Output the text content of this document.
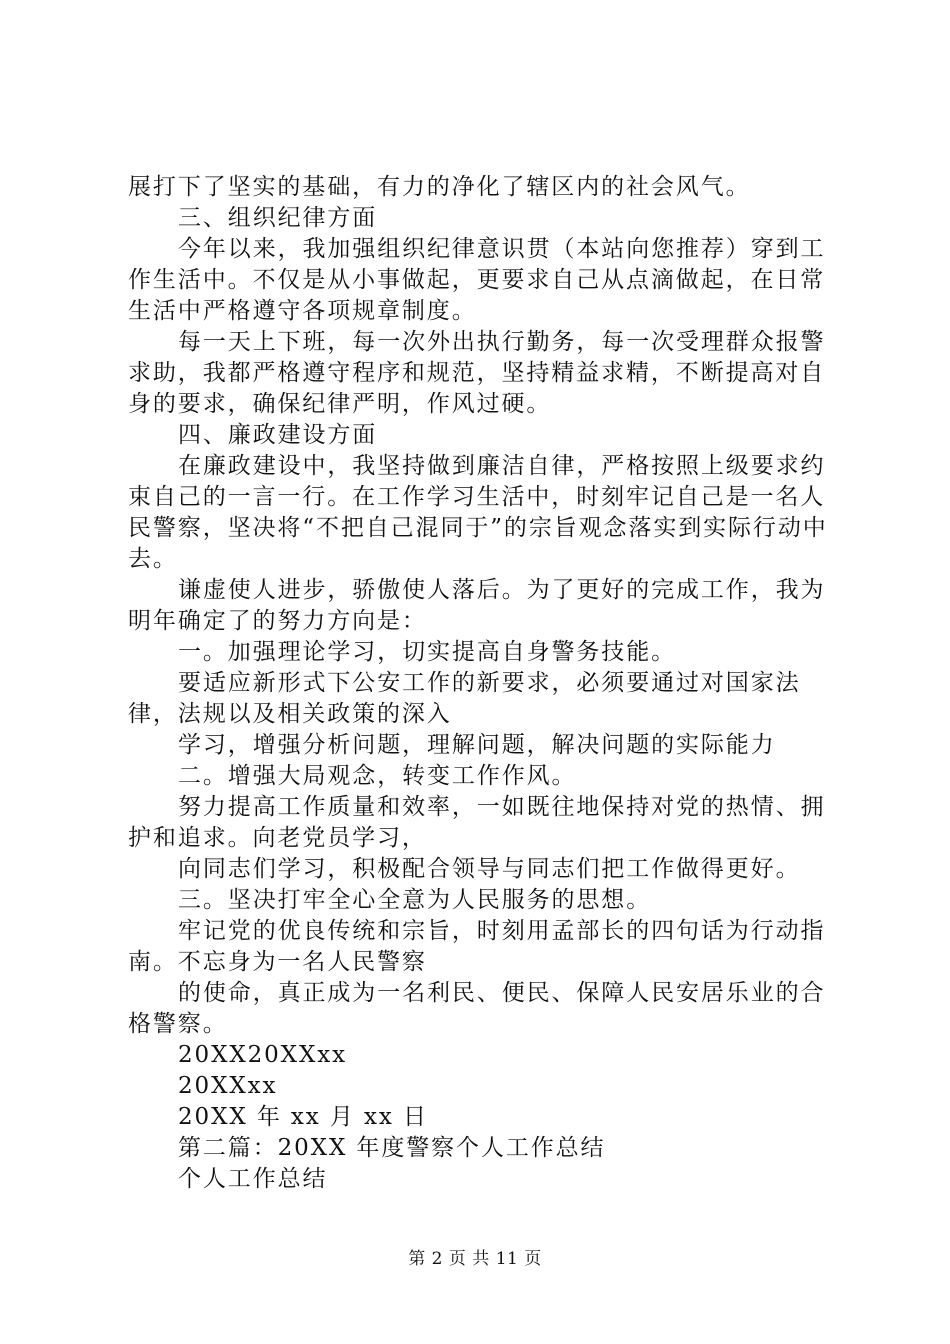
展打下了坚实的基础，有力的净化了辖区内的社会风气。

三、组织纪律方面

今年以来，我加强组织纪律意识贯（本站向您推荐）穿到工作生活中。不仅是从小事做起，更要求自己从点滴做起，在日常生活中严格遵守各项规章制度。

每一天上下班，每一次外出执行勤务，每一次受理群众报警求助，我都严格遵守程序和规范，坚持精益求精，不断提高对自身的要求，确保纪律严明，作风过硬。

四、廉政建设方面

在廉政建设中，我坚持做到廉洁自律，严格按照上级要求约束自己的一言一行。在工作学习生活中，时刻牢记自己是一名人民警察，坚决将“不把自己混同于”的宗旨观念落实到实际行动中去。

谦虚使人进步，骄傲使人落后。为了更好的完成工作，我为明年确定了的努力方向是：

一。加强理论学习，切实提高自身警务技能。

要适应新形式下公安工作的新要求，必须要通过对国家法律，法规以及相关政策的深入

学习，增强分析问题，理解问题，解决问题的实际能力

二。增强大局观念，转变工作作风。

努力提高工作质量和效率，一如既往地保持对党的热情、拥护和追求。向老党员学习，

向同志们学习，积极配合领导与同志们把工作做得更好。

三。坚决打牢全心全意为人民服务的思想。

牢记党的优良传统和宗旨，时刻用孟部长的四句话为行动指南。不忘身为一名人民警察

的使命，真正成为一名利民、便民、保障人民安居乐业的合格警察。

20XX20XXxx

20XXxx

20XX 年 xx 月 xx 日

第二篇：20XX 年度警察个人工作总结

个人工作总结

第 2 页 共 11 页
